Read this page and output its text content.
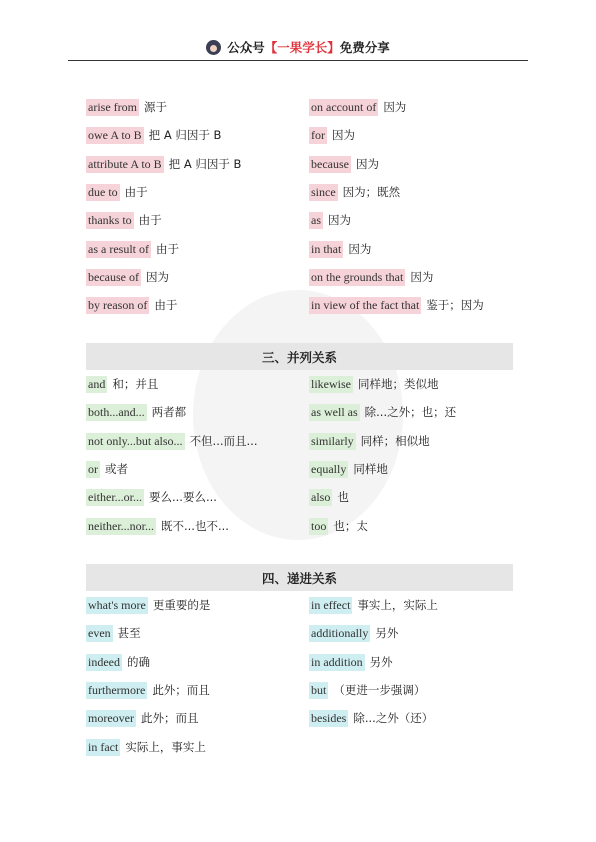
公众号 【 一果学长 】 免费分享
arise from 源于
owe A to B 把 A 归因于 B
attribute A to B 把 A 归因于 B
due to 由于
thanks to 由于
as a result of 由于
because of 因为
by reason of 由于
on account of 因为
for 因为
because 因为
since 因为；既然
as 因为
in that 因为
on the grounds that 因为
in view of the fact that 鉴于；因为
三、并列关系
and 和；并且
both...and... 两者都
not only...but also... 不但...而且...
or 或者
either...or... 要么...要么...
neither...nor... 既不...也不...
likewise 同样地；类似地
as well as 除...之外；也；还
similarly 同样；相似地
equally 同样地
also 也
too 也；太
四、递进关系
what's more 更重要的是
even 甚至
indeed 的确
furthermore 此外；而且
moreover 此外；而且
in fact 实际上，事实上
in effect 事实上，实际上
additionally 另外
in addition 另外
but （更进一步强调）
besides 除...之外（还）
